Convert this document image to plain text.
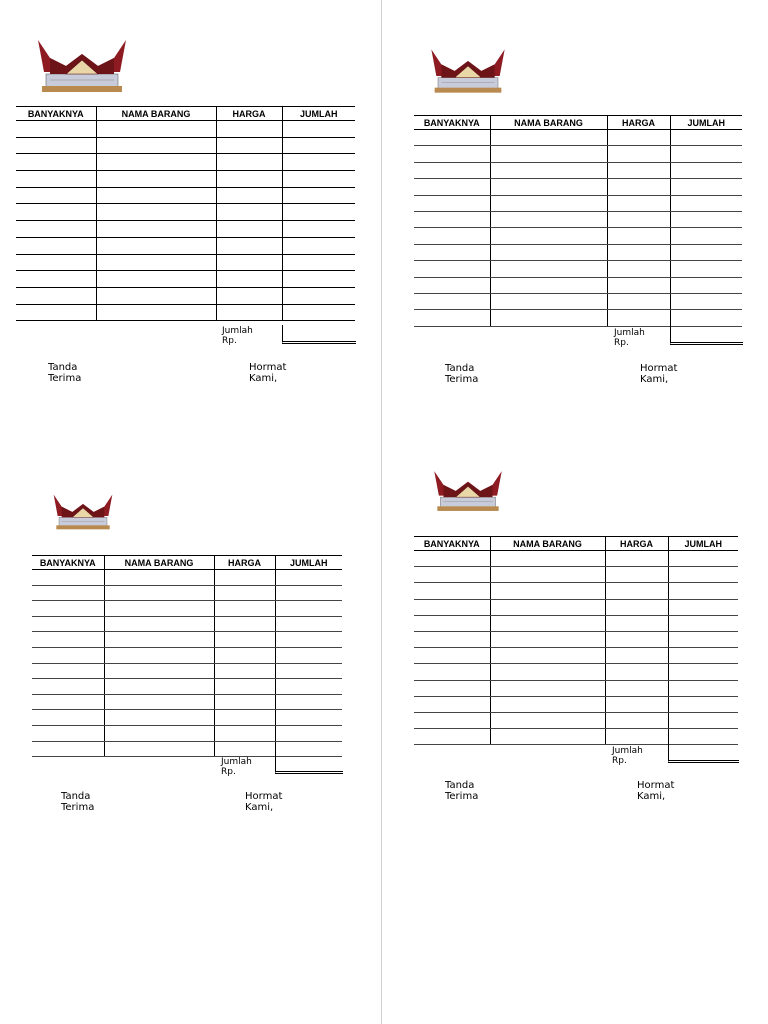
BANYAKNYA	NAMA BARANG	HARGA	JUMLAH

Jumlah Rp.
Tanda Terima
Hormat Kami,
BANYAKNYA	NAMA BARANG	HARGA	JUMLAH

Jumlah Rp.
Tanda Terima
Hormat Kami,
BANYAKNYA	NAMA BARANG	HARGA	JUMLAH

Jumlah Rp.
Tanda Terima
Hormat Kami,
BANYAKNYA	NAMA BARANG	HARGA	JUMLAH

Jumlah Rp.
Tanda Terima
Hormat Kami,
